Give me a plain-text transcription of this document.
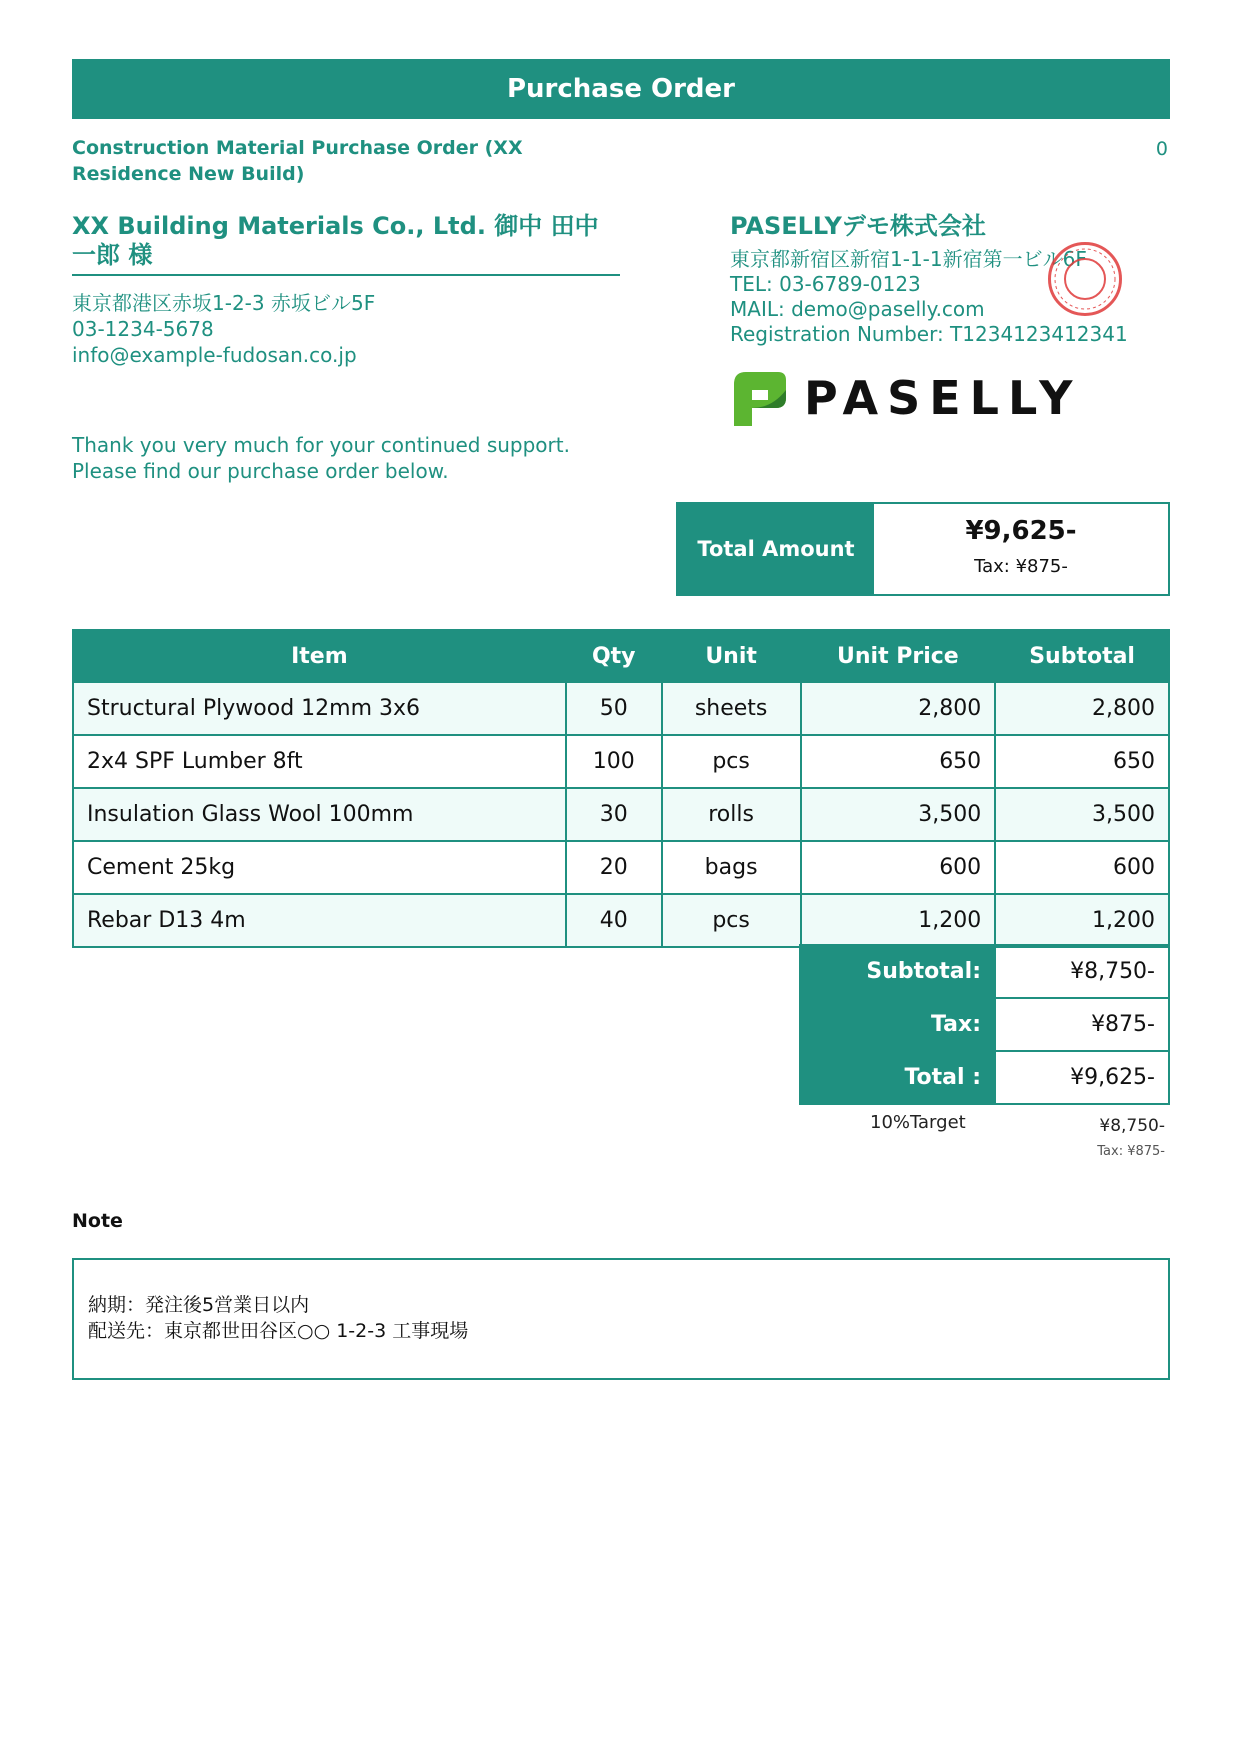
Purchase Order
Construction Material Purchase Order (XX Residence New Build)
0
XX Building Materials Co., Ltd. 御中 田中 一郎 様
東京都港区赤坂1-2-3 赤坂ビル5F
03-1234-5678
info@example-fudosan.co.jp
Thank you very much for your continued support.
Please find our purchase order below.
PASELLYデモ株式会社
東京都新宿区新宿1-1-1新宿第一ビル6F
TEL: 03-6789-0123
MAIL: demo@paselly.com
Registration Number: T1234123412341
PASELLY
Total Amount
¥9,625-
Tax: ¥875-
Item	Qty	Unit	Unit Price	Subtotal
Structural Plywood 12mm 3x6	50	sheets	2,800	2,800
2x4 SPF Lumber 8ft	100	pcs	650	650
Insulation Glass Wool 100mm	30	rolls	3,500	3,500
Cement 25kg	20	bags	600	600
Rebar D13 4m	40	pcs	1,200	1,200
Subtotal:	¥8,750-
Tax:	¥875-
Total :	¥9,625-
10%Target	¥8,750-
Tax: ¥875-
Note
納期：発注後5営業日以内
配送先：東京都世田谷区○○ 1-2-3 工事現場
